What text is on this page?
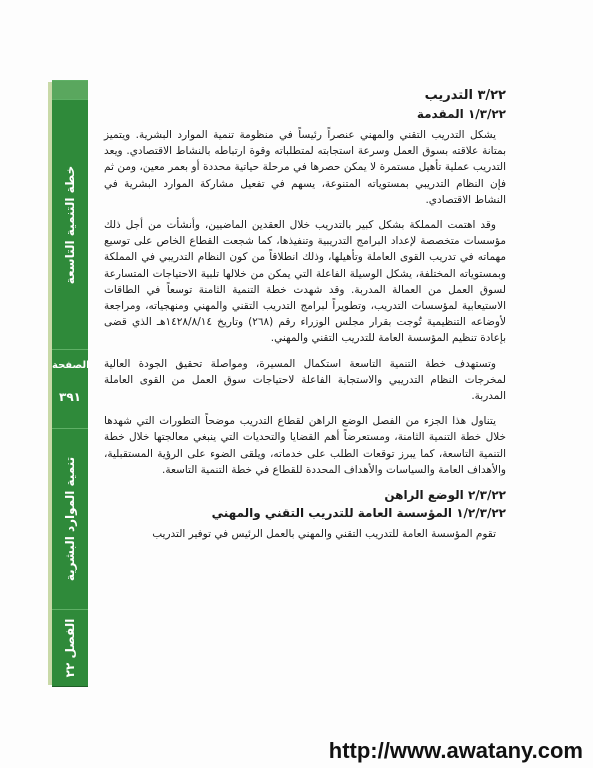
خطة التنمية التاسعة
الصفحة
٣٩١
تنمية الموارد البشرية
الفصل ٢٢
٣/٢٢ التدريب
١/٣/٢٢ المقدمة

يشكل التدريب التقني والمهني عنصراً رئيساً في منظومة تنمية الموارد البشرية. ويتميز بمتانة علاقته بسوق العمل وسرعة استجابته لمتطلباته وقوة ارتباطه بالنشاط الاقتصادي. ويعد التدريب عملية تأهيل مستمرة لا يمكن حصرها في مرحلة حياتية محددة أو بعمر معين، ومن ثم فإن النظام التدريبي بمستوياته المتنوعة، يسهم في تفعيل مشاركة الموارد البشرية في النشاط الاقتصادي.

وقد اهتمت المملكة بشكل كبير بالتدريب خلال العقدين الماضيين، وأنشأت من أجل ذلك مؤسسات متخصصة لإعداد البرامج التدريبية وتنفيذها، كما شجعت القطاع الخاص على توسيع مهماته في تدريب القوى العاملة وتأهيلها، وذلك انطلاقاً من كون النظام التدريبي في المملكة وبمستوياته المختلفة، يشكل الوسيلة الفاعلة التي يمكن من خلالها تلبية الاحتياجات المتسارعة لسوق العمل من العمالة المدربة. وقد شهدت خطة التنمية الثامنة توسعاً في الطاقات الاستيعابية لمؤسسات التدريب، وتطويراً لبرامج التدريب التقني والمهني ومنهجياته، ومراجعة لأوضاعه التنظيمية تُوجت بقرار مجلس الوزراء رقم (٢٦٨) وتاريخ ١٤٢٨/٨/١٤هـ الذي قضى بإعادة تنظيم المؤسسة العامة للتدريب التقني والمهني.

وتستهدف خطة التنمية التاسعة استكمال المسيرة، ومواصلة تحقيق الجودة العالية لمخرجات النظام التدريبي والاستجابة الفاعلة لاحتياجات سوق العمل من القوى العاملة المدربة.

يتناول هذا الجزء من الفصل الوضع الراهن لقطاع التدريب موضحاً التطورات التي شهدها خلال خطة التنمية الثامنة، ومستعرضاً أهم القضايا والتحديات التي ينبغي معالجتها خلال خطة التنمية التاسعة، كما يبرز توقعات الطلب على خدماته، ويلقى الضوء على الرؤية المستقبلية، والأهداف العامة والسياسات والأهداف المحددة للقطاع في خطة التنمية التاسعة.

٢/٣/٢٢ الوضع الراهن
١/٢/٣/٢٢ المؤسسة العامة للتدريب التقني والمهني

تقوم المؤسسة العامة للتدريب التقني والمهني بالعمل الرئيس في توفير التدريب

http://www.awatany.com
